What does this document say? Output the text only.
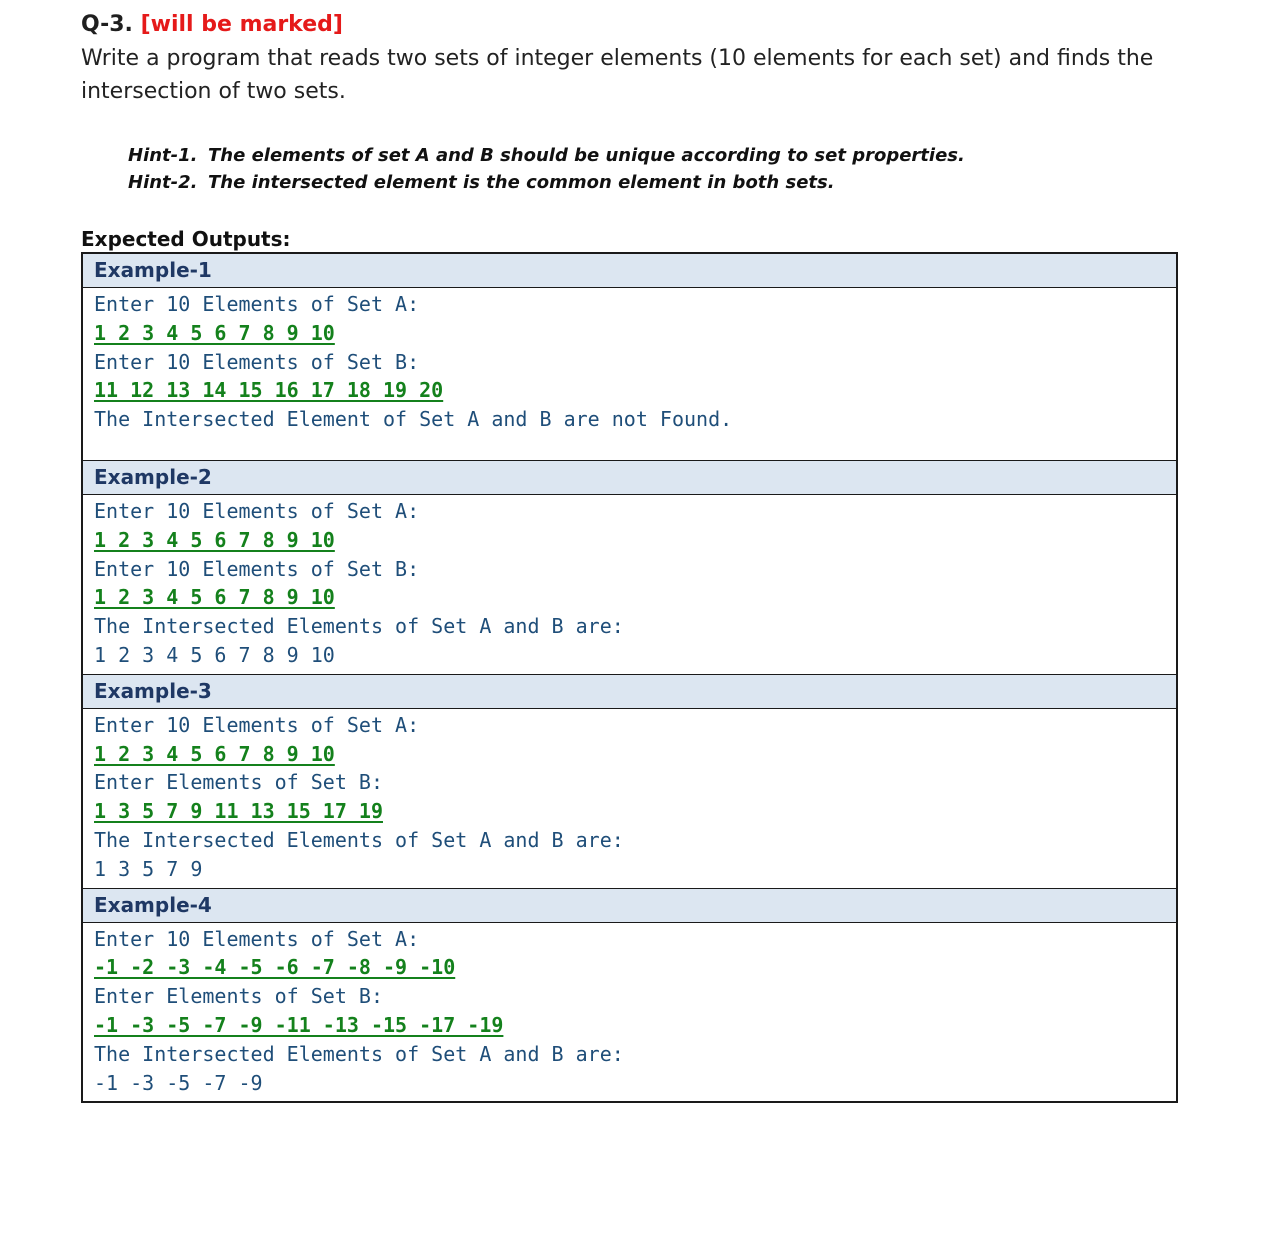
Q-3. [will be marked]
Write a program that reads two sets of integer elements (10 elements for each set) and finds the intersection of two sets.
Hint-1. The elements of set A and B should be unique according to set properties.
Hint-2. The intersected element is the common element in both sets.
Expected Outputs:
Example-1
Enter 10 Elements of Set A:
1 2 3 4 5 6 7 8 9 10
Enter 10 Elements of Set B:
11 12 13 14 15 16 17 18 19 20
The Intersected Element of Set A and B are not Found.
Example-2
Enter 10 Elements of Set A:
1 2 3 4 5 6 7 8 9 10
Enter 10 Elements of Set B:
1 2 3 4 5 6 7 8 9 10
The Intersected Elements of Set A and B are:
1 2 3 4 5 6 7 8 9 10
Example-3
Enter 10 Elements of Set A:
1 2 3 4 5 6 7 8 9 10
Enter Elements of Set B:
1 3 5 7 9 11 13 15 17 19
The Intersected Elements of Set A and B are:
1 3 5 7 9
Example-4
Enter 10 Elements of Set A:
-1 -2 -3 -4 -5 -6 -7 -8 -9 -10
Enter Elements of Set B:
-1 -3 -5 -7 -9 -11 -13 -15 -17 -19
The Intersected Elements of Set A and B are:
-1 -3 -5 -7 -9
